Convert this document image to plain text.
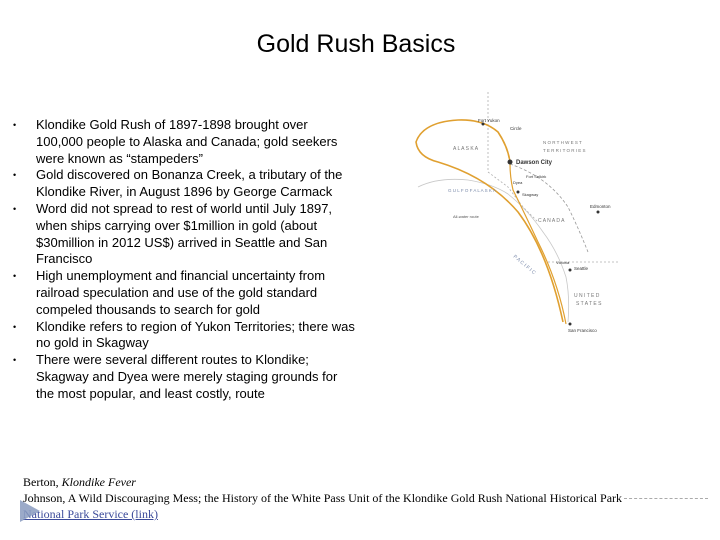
Gold Rush Basics
• Klondike Gold Rush of 1897-1898 brought over 100,000 people to Alaska and Canada; gold seekers were known as “stampeders”
• Gold discovered on Bonanza Creek, a tributary of the Klondike River, in August 1896 by George Carmack
• Word did not spread to rest of world until July 1897, when ships carrying over $1million in gold (about $30million in 2012 US$) arrived in Seattle and San Francisco
• High unemployment and financial uncertainty from railroad speculation and use of the gold standard compeled thousands to search for gold
• Klondike refers to region of Yukon Territories; there was no gold in Skagway
• There were several different routes to Klondike; Skagway and Dyea were merely staging grounds for the most popular, and least costly, route
Fort Yukon
Circle
A L A S K A
Dawson City
N O R T H W E S T
T E R R I T O R I E S
G U L F O F A L A S K A
Dyea
Skagway
Fort Selkirk
C A N A D A
Edmonton
All-water route
P A C I F I C	Victoria
Seattle
U N I T E D
S T A T E S
San Francisco
Berton, Klondike Fever
Johnson, A Wild Discouraging Mess; the History of the White Pass Unit of the Klondike Gold Rush National Historical Park
National Park Service (link)
